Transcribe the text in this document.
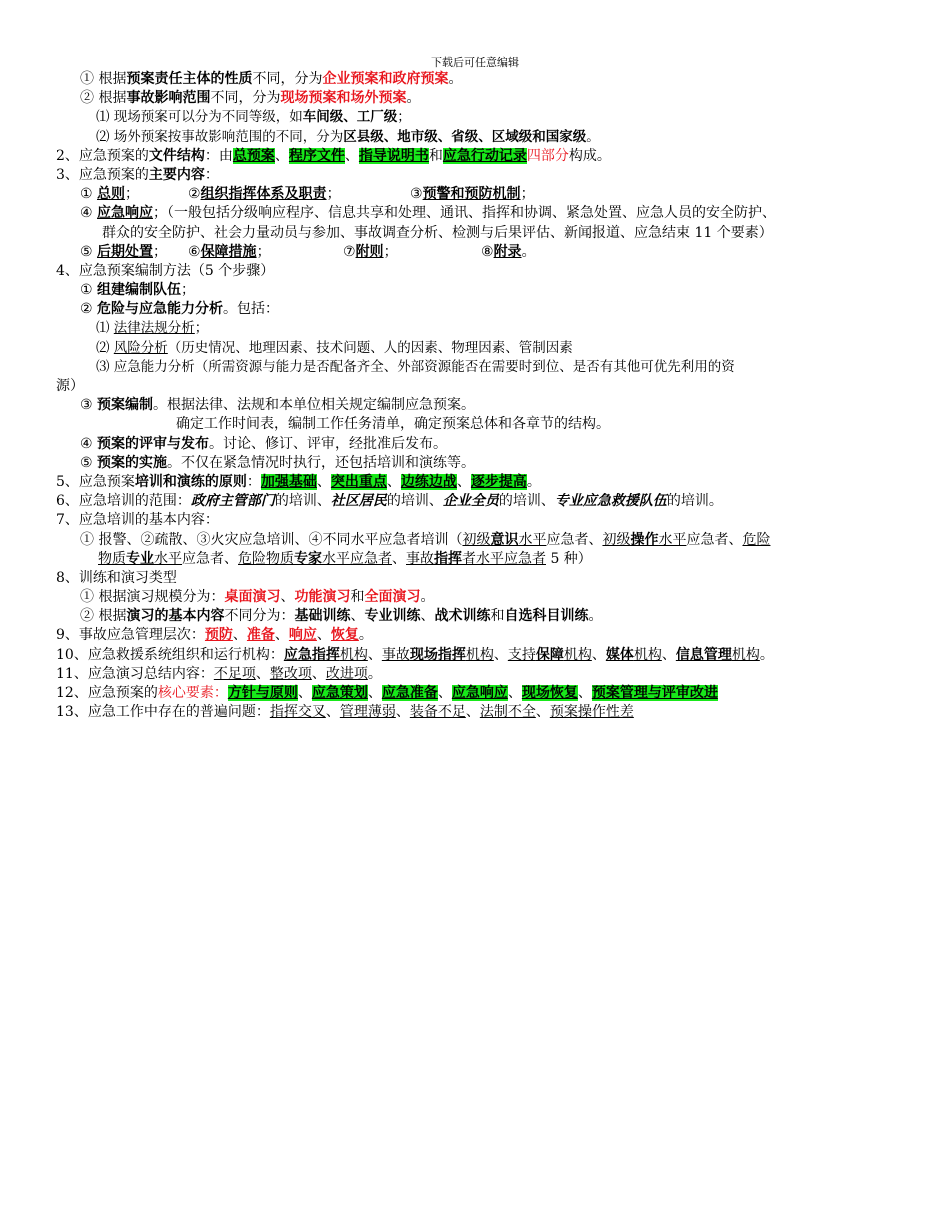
下载后可任意编辑
① 根据预案责任主体的性质不同，分为企业预案和政府预案。
② 根据事故影响范围不同，分为现场预案和场外预案。
⑴ 现场预案可以分为不同等级，如车间级、工厂级；
⑵ 场外预案按事故影响范围的不同，分为区县级、地市级、省级、区域级和国家级。
2、应急预案的文件结构：由总预案、程序文件、指导说明书和应急行动记录四部分构成。
3、应急预案的主要内容：
① 总则；	②组织指挥体系及职责；	③预警和预防机制；
④ 应急响应；（一般包括分级响应程序、信息共享和处理、通讯、指挥和协调、紧急处置、应急人员的安全防护、
群众的安全防护、社会力量动员与参加、事故调查分析、检测与后果评估、新闻报道、应急结束 11 个要素）
⑤ 后期处置； ⑥保障措施；	⑦附则；	⑧附录。
4、应急预案编制方法（5 个步骤）
① 组建编制队伍；
② 危险与应急能力分析。包括：
⑴ 法律法规分析；
⑵ 风险分析（历史情况、地理因素、技术问题、人的因素、物理因素、管制因素
⑶ 应急能力分析（所需资源与能力是否配备齐全、外部资源能否在需要时到位、是否有其他可优先利用的资
源）
③ 预案编制。根据法律、法规和本单位相关规定编制应急预案。
确定工作时间表，编制工作任务清单，确定预案总体和各章节的结构。
④ 预案的评审与发布。讨论、修订、评审，经批准后发布。
⑤ 预案的实施。不仅在紧急情况时执行，还包括培训和演练等。
5、应急预案培训和演练的原则：加强基础、突出重点、边练边战、逐步提高。
6、应急培训的范围：政府主管部门的培训、社区居民的培训、企业全员的培训、专业应急救援队伍的培训。
7、应急培训的基本内容：
① 报警、②疏散、③火灾应急培训、④不同水平应急者培训（初级意识水平应急者、初级操作水平应急者、危险
物质专业水平应急者、危险物质专家水平应急者、事故指挥者水平应急者 5 种）
8、训练和演习类型
① 根据演习规模分为：桌面演习、功能演习和全面演习。
② 根据演习的基本内容不同分为：基础训练、专业训练、战术训练和自选科目训练。
9、事故应急管理层次：预防、准备、响应、恢复。
10、应急救援系统组织和运行机构：应急指挥机构、事故现场指挥机构、支持保障机构、媒体机构、信息管理机构。
11、应急演习总结内容：不足项、整改项、改进项。
12、应急预案的核心要素：方针与原则、应急策划、应急准备、应急响应、现场恢复、预案管理与评审改进
13、应急工作中存在的普遍问题：指挥交叉、管理薄弱、装备不足、法制不全、预案操作性差
